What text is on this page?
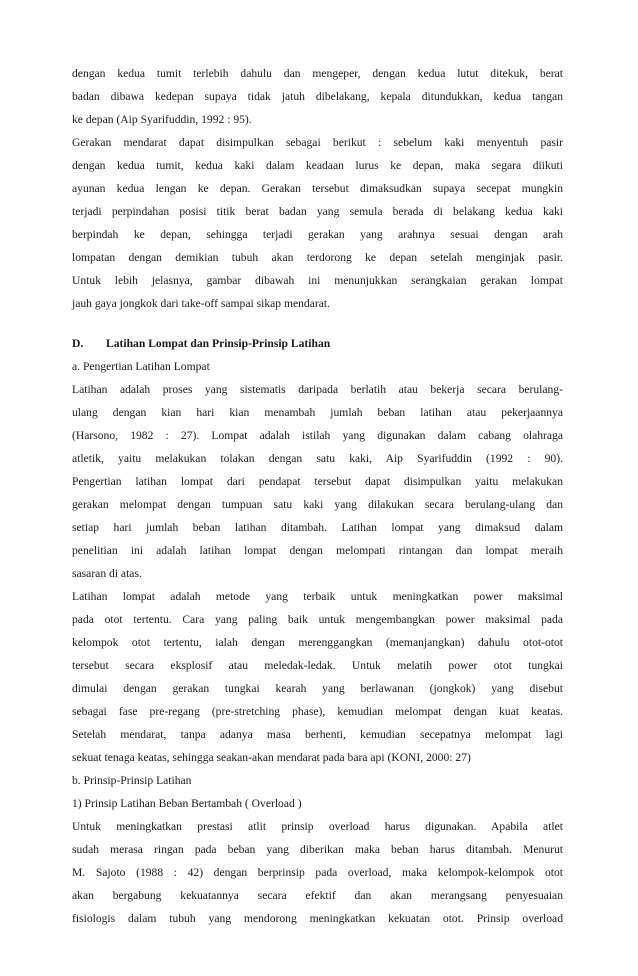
dengan kedua tumit terlebih dahulu dan mengeper, dengan kedua lutut ditekuk, berat
badan dibawa kedepan supaya tidak jatuh dibelakang, kepala ditundukkan, kedua tangan
ke depan (Aip Syarifuddin, 1992 : 95).
Gerakan mendarat dapat disimpulkan sebagai berikut : sebelum kaki menyentuh pasir
dengan kedua tumit, kedua kaki dalam keadaan lurus ke depan, maka segara diikuti
ayunan kedua lengan ke depan. Gerakan tersebut dimaksudkan supaya secepat mungkin
terjadi perpindahan posisi titik berat badan yang semula berada di belakang kedua kaki
berpindah ke depan, sehingga terjadi gerakan yang arahnya sesuai dengan arah
lompatan dengan demikian tubuh akan terdorong ke depan setelah menginjak pasir.
Untuk lebih jelasnya, gambar dibawah ini menunjukkan serangkaian gerakan lompat
jauh gaya jongkok dari take-off sampai sikap mendarat.
D. Latihan Lompat dan Prinsip-Prinsip Latihan
a. Pengertian Latihan Lompat
Latihan adalah proses yang sistematis daripada berlatih atau bekerja secara berulang-
ulang dengan kian hari kian menambah jumlah beban latihan atau pekerjaannya
(Harsono, 1982 : 27). Lompat adalah istilah yang digunakan dalam cabang olahraga
atletik, yaitu melakukan tolakan dengan satu kaki, Aip Syarifuddin (1992 : 90).
Pengertian latihan lompat dari pendapat tersebut dapat disimpulkan yaitu melakukan
gerakan melompat dengan tumpuan satu kaki yang dilakukan secara berulang-ulang dan
setiap hari jumlah beban latihan ditambah. Latihan lompat yang dimaksud dalam
penelitian ini adalah latihan lompat dengan melompati rintangan dan lompat meraih
sasaran di atas.
Latihan lompat adalah metode yang terbaik untuk meningkatkan power maksimal
pada otot tertentu. Cara yang paling baik untuk mengembangkan power maksimal pada
kelompok otot tertentu, ialah dengan merenggangkan (memanjangkan) dahulu otot-otot
tersebut secara eksplosif atau meledak-ledak. Untuk melatih power otot tungkai
dimulai dengan gerakan tungkai kearah yang berlawanan (jongkok) yang disebut
sebagai fase pre-regang (pre-stretching phase), kemudian melompat dengan kuat keatas.
Setelah mendarat, tanpa adanya masa berhenti, kemudian secepatnya melompat lagi
sekuat tenaga keatas, sehingga seakan-akan mendarat pada bara api (KONI, 2000: 27)
b. Prinsip-Prinsip Latihan
1) Prinsip Latihan Beban Bertambah ( Overload )
Untuk meningkatkan prestasi atlit prinsip overload harus digunakan. Apabila atlet
sudah merasa ringan pada beban yang diberikan maka beban harus ditambah. Menurut
M. Sajoto (1988 : 42) dengan berprinsip pada overload, maka kelompok-kelompok otot
akan bergabung kekuatannya secara efektif dan akan merangsang penyesuaian
fisiologis dalam tubuh yang mendorong meningkatkan kekuatan otot. Prinsip overload
